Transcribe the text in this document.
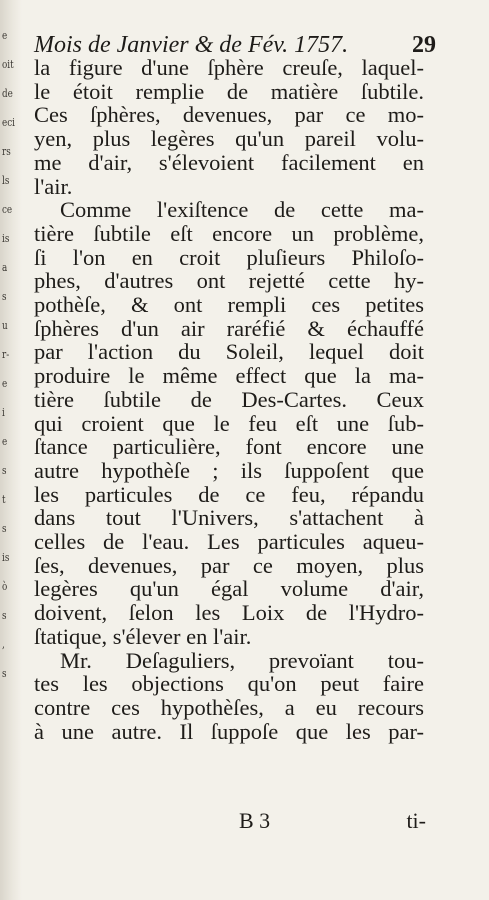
e
oit
de
eci
rs
ls
ce
is
a
s
u
r-
e
i
e
s
t
s
is
ò
s
,
s
Mois de Janvier & de Fév. 1757.	29
la figure d'une ſphère creuſe, laquel-
le étoit remplie de matière ſubtile.
Ces ſphères, devenues, par ce mo-
yen, plus legères qu'un pareil volu-
me d'air, s'élevoient facilement en
l'air.
Comme l'exiſtence de cette ma-
tière ſubtile eſt encore un problème,
ſi l'on en croit pluſieurs Philoſo-
phes, d'autres ont rejetté cette hy-
pothèſe, & ont rempli ces petites
ſphères d'un air raréfié & échauffé
par l'action du Soleil, lequel doit
produire le même effect que la ma-
tière ſubtile de Des-Cartes. Ceux
qui croient que le feu eſt une ſub-
ſtance particulière, font encore une
autre hypothèſe ; ils ſuppoſent que
les particules de ce feu, répandu
dans tout l'Univers, s'attachent à
celles de l'eau. Les particules aqueu-
ſes, devenues, par ce moyen, plus
legères qu'un égal volume d'air,
doivent, ſelon les Loix de l'Hydro-
ſtatique, s'élever en l'air.
Mr. Deſaguliers, prevoïant tou-
tes les objections qu'on peut faire
contre ces hypothèſes, a eu recours
à une autre. Il ſuppoſe que les par-
B 3	ti-
